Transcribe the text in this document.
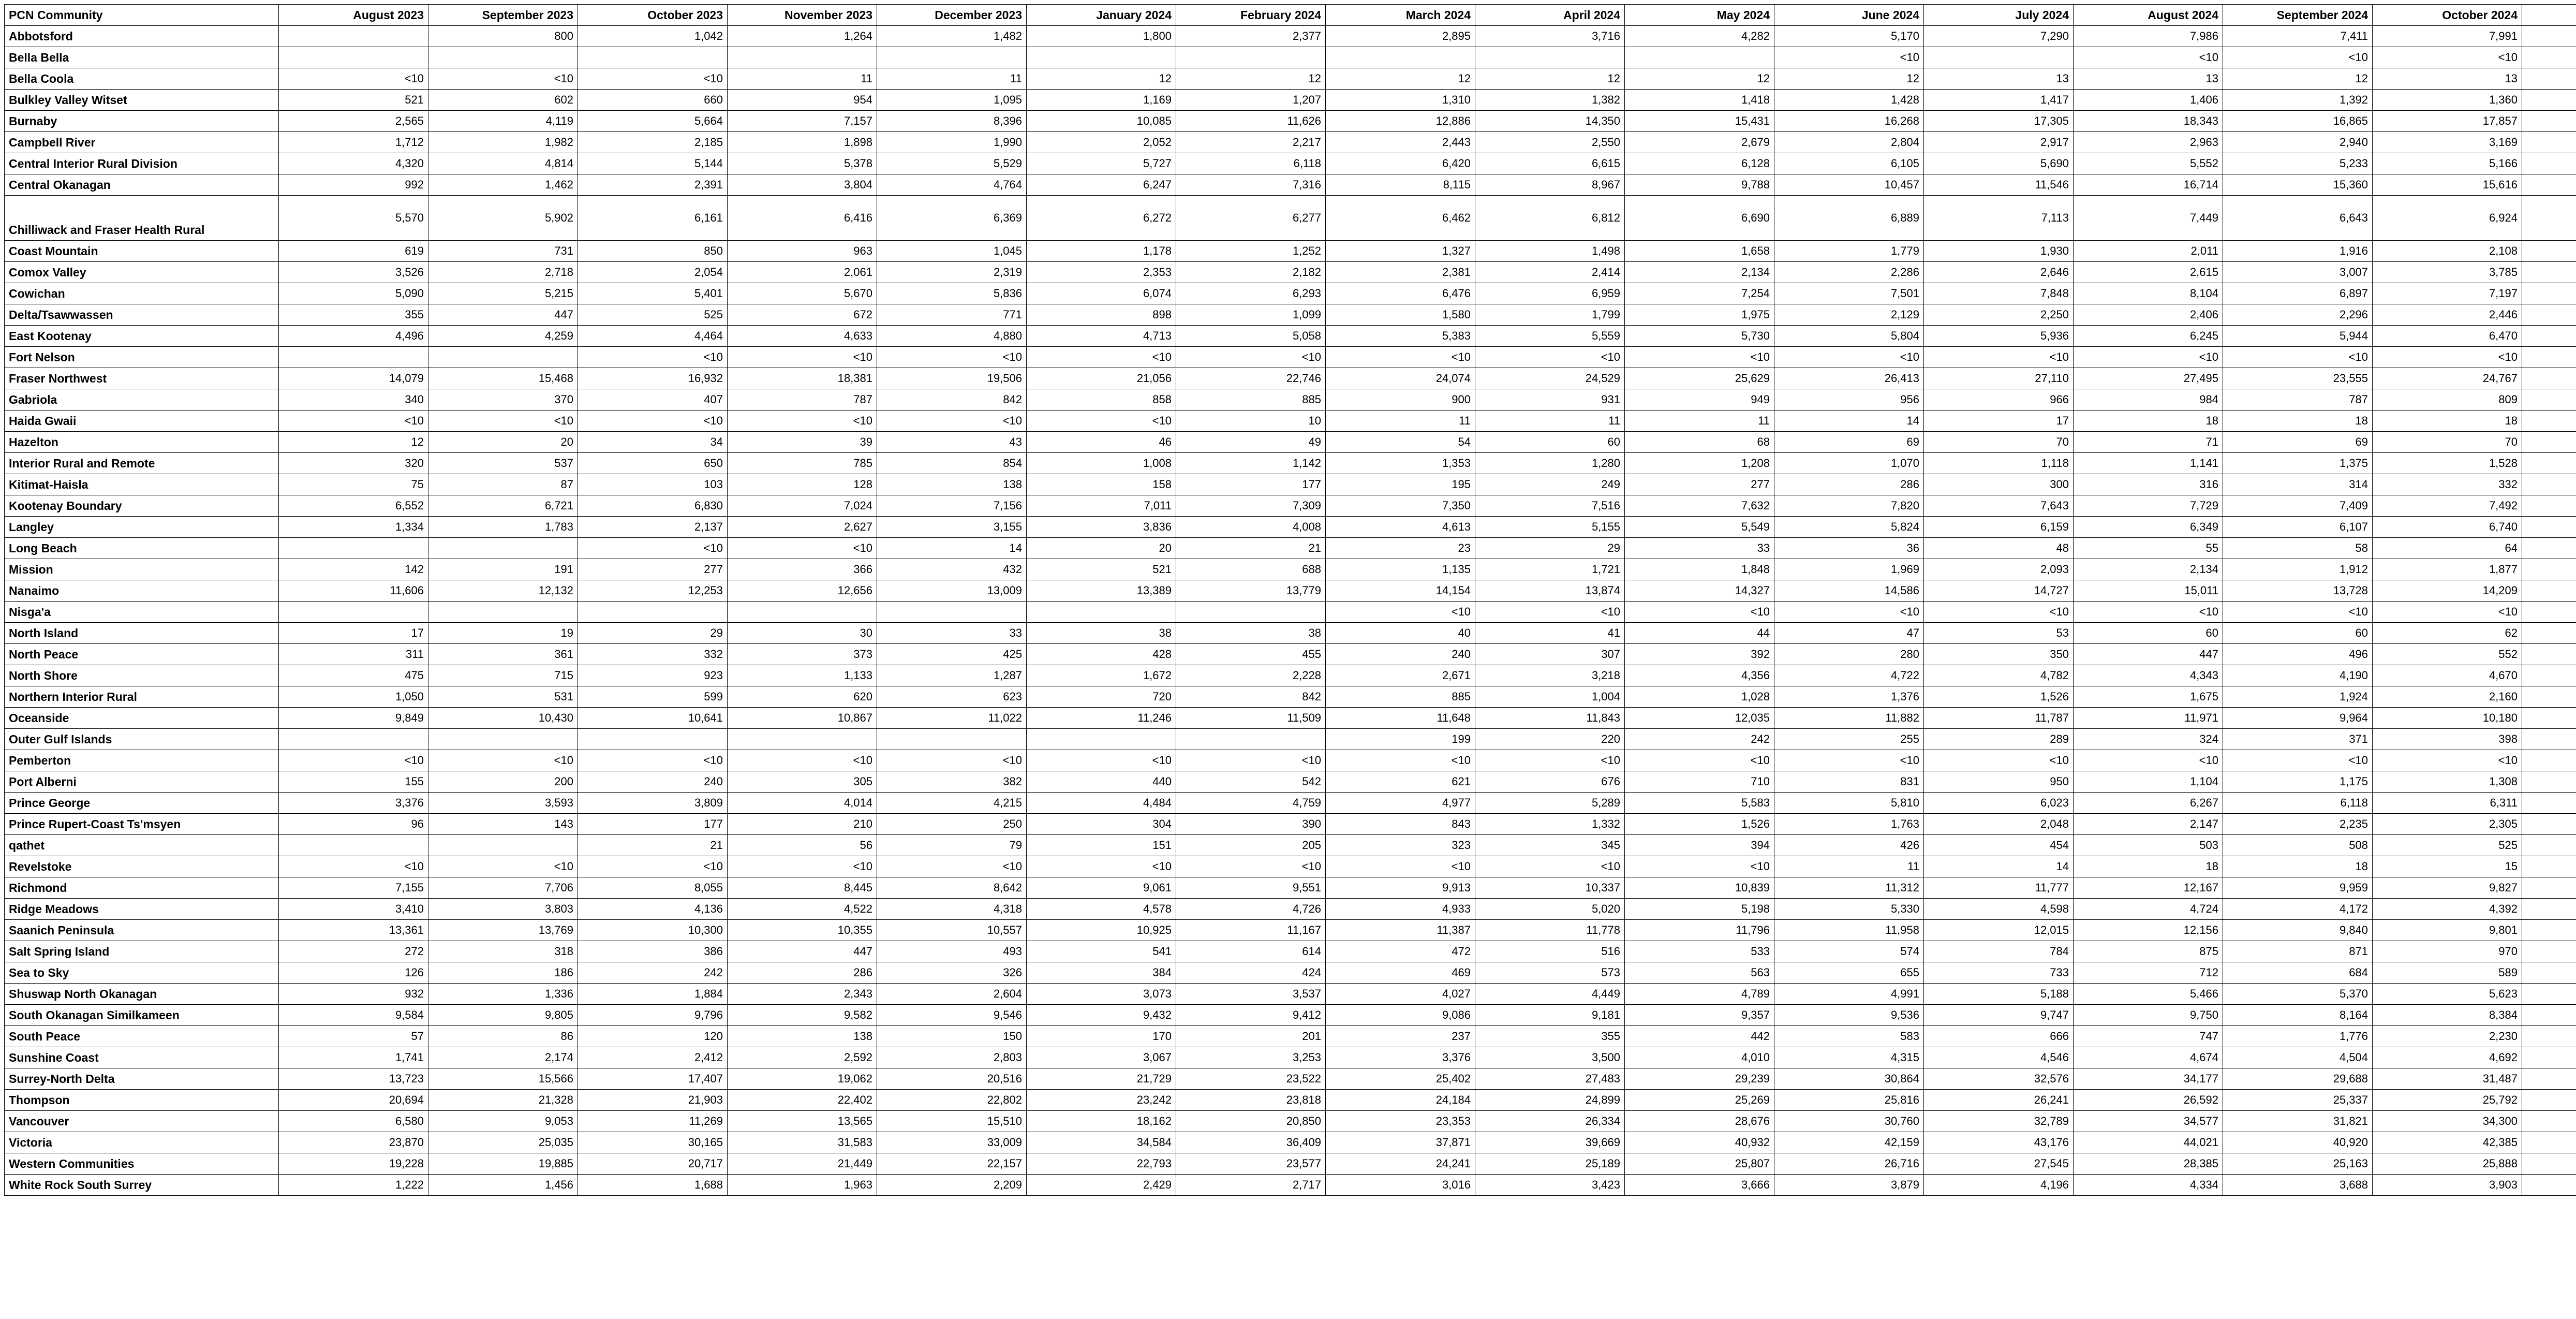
PCN Community	August 2023	September 2023	October 2023	November 2023	December 2023	January 2024	February 2024	March 2024	April 2024	May 2024	June 2024	July 2024	August 2024	September 2024	October 2024	
Abbotsford		800	1,042	1,264	1,482	1,800	2,377	2,895	3,716	4,282	5,170	7,290	7,986	7,411	7,991	
Bella Bella											<10		<10	<10	<10	
Bella Coola	<10	<10	<10	11	11	12	12	12	12	12	12	13	13	12	13	
Bulkley Valley Witset	521	602	660	954	1,095	1,169	1,207	1,310	1,382	1,418	1,428	1,417	1,406	1,392	1,360	
Burnaby	2,565	4,119	5,664	7,157	8,396	10,085	11,626	12,886	14,350	15,431	16,268	17,305	18,343	16,865	17,857	
Campbell River	1,712	1,982	2,185	1,898	1,990	2,052	2,217	2,443	2,550	2,679	2,804	2,917	2,963	2,940	3,169	
Central Interior Rural Division	4,320	4,814	5,144	5,378	5,529	5,727	6,118	6,420	6,615	6,128	6,105	5,690	5,552	5,233	5,166	
Central Okanagan	992	1,462	2,391	3,804	4,764	6,247	7,316	8,115	8,967	9,788	10,457	11,546	16,714	15,360	15,616	
Chilliwack and Fraser Health Rural	5,570	5,902	6,161	6,416	6,369	6,272	6,277	6,462	6,812	6,690	6,889	7,113	7,449	6,643	6,924	
Coast Mountain	619	731	850	963	1,045	1,178	1,252	1,327	1,498	1,658	1,779	1,930	2,011	1,916	2,108	
Comox Valley	3,526	2,718	2,054	2,061	2,319	2,353	2,182	2,381	2,414	2,134	2,286	2,646	2,615	3,007	3,785	
Cowichan	5,090	5,215	5,401	5,670	5,836	6,074	6,293	6,476	6,959	7,254	7,501	7,848	8,104	6,897	7,197	
Delta/Tsawwassen	355	447	525	672	771	898	1,099	1,580	1,799	1,975	2,129	2,250	2,406	2,296	2,446	
East Kootenay	4,496	4,259	4,464	4,633	4,880	4,713	5,058	5,383	5,559	5,730	5,804	5,936	6,245	5,944	6,470	
Fort Nelson			<10	<10	<10	<10	<10	<10	<10	<10	<10	<10	<10	<10	<10	
Fraser Northwest	14,079	15,468	16,932	18,381	19,506	21,056	22,746	24,074	24,529	25,629	26,413	27,110	27,495	23,555	24,767	
Gabriola	340	370	407	787	842	858	885	900	931	949	956	966	984	787	809	
Haida Gwaii	<10	<10	<10	<10	<10	<10	10	11	11	11	14	17	18	18	18	
Hazelton	12	20	34	39	43	46	49	54	60	68	69	70	71	69	70	
Interior Rural and Remote	320	537	650	785	854	1,008	1,142	1,353	1,280	1,208	1,070	1,118	1,141	1,375	1,528	
Kitimat-Haisla	75	87	103	128	138	158	177	195	249	277	286	300	316	314	332	
Kootenay Boundary	6,552	6,721	6,830	7,024	7,156	7,011	7,309	7,350	7,516	7,632	7,820	7,643	7,729	7,409	7,492	
Langley	1,334	1,783	2,137	2,627	3,155	3,836	4,008	4,613	5,155	5,549	5,824	6,159	6,349	6,107	6,740	
Long Beach			<10	<10	14	20	21	23	29	33	36	48	55	58	64	
Mission	142	191	277	366	432	521	688	1,135	1,721	1,848	1,969	2,093	2,134	1,912	1,877	
Nanaimo	11,606	12,132	12,253	12,656	13,009	13,389	13,779	14,154	13,874	14,327	14,586	14,727	15,011	13,728	14,209	
Nisga'a								<10	<10	<10	<10	<10	<10	<10	<10	
North Island	17	19	29	30	33	38	38	40	41	44	47	53	60	60	62	
North Peace	311	361	332	373	425	428	455	240	307	392	280	350	447	496	552	
North Shore	475	715	923	1,133	1,287	1,672	2,228	2,671	3,218	4,356	4,722	4,782	4,343	4,190	4,670	
Northern Interior Rural	1,050	531	599	620	623	720	842	885	1,004	1,028	1,376	1,526	1,675	1,924	2,160	
Oceanside	9,849	10,430	10,641	10,867	11,022	11,246	11,509	11,648	11,843	12,035	11,882	11,787	11,971	9,964	10,180	
Outer Gulf Islands								199	220	242	255	289	324	371	398	
Pemberton	<10	<10	<10	<10	<10	<10	<10	<10	<10	<10	<10	<10	<10	<10	<10	
Port Alberni	155	200	240	305	382	440	542	621	676	710	831	950	1,104	1,175	1,308	
Prince George	3,376	3,593	3,809	4,014	4,215	4,484	4,759	4,977	5,289	5,583	5,810	6,023	6,267	6,118	6,311	
Prince Rupert-Coast Ts'msyen	96	143	177	210	250	304	390	843	1,332	1,526	1,763	2,048	2,147	2,235	2,305	
qathet			21	56	79	151	205	323	345	394	426	454	503	508	525	
Revelstoke	<10	<10	<10	<10	<10	<10	<10	<10	<10	<10	11	14	18	18	15	
Richmond	7,155	7,706	8,055	8,445	8,642	9,061	9,551	9,913	10,337	10,839	11,312	11,777	12,167	9,959	9,827	
Ridge Meadows	3,410	3,803	4,136	4,522	4,318	4,578	4,726	4,933	5,020	5,198	5,330	4,598	4,724	4,172	4,392	
Saanich Peninsula	13,361	13,769	10,300	10,355	10,557	10,925	11,167	11,387	11,778	11,796	11,958	12,015	12,156	9,840	9,801	
Salt Spring Island	272	318	386	447	493	541	614	472	516	533	574	784	875	871	970	
Sea to Sky	126	186	242	286	326	384	424	469	573	563	655	733	712	684	589	
Shuswap North Okanagan	932	1,336	1,884	2,343	2,604	3,073	3,537	4,027	4,449	4,789	4,991	5,188	5,466	5,370	5,623	
South Okanagan Similkameen	9,584	9,805	9,796	9,582	9,546	9,432	9,412	9,086	9,181	9,357	9,536	9,747	9,750	8,164	8,384	
South Peace	57	86	120	138	150	170	201	237	355	442	583	666	747	1,776	2,230	
Sunshine Coast	1,741	2,174	2,412	2,592	2,803	3,067	3,253	3,376	3,500	4,010	4,315	4,546	4,674	4,504	4,692	
Surrey-North Delta	13,723	15,566	17,407	19,062	20,516	21,729	23,522	25,402	27,483	29,239	30,864	32,576	34,177	29,688	31,487	
Thompson	20,694	21,328	21,903	22,402	22,802	23,242	23,818	24,184	24,899	25,269	25,816	26,241	26,592	25,337	25,792	
Vancouver	6,580	9,053	11,269	13,565	15,510	18,162	20,850	23,353	26,334	28,676	30,760	32,789	34,577	31,821	34,300	
Victoria	23,870	25,035	30,165	31,583	33,009	34,584	36,409	37,871	39,669	40,932	42,159	43,176	44,021	40,920	42,385	
Western Communities	19,228	19,885	20,717	21,449	22,157	22,793	23,577	24,241	25,189	25,807	26,716	27,545	28,385	25,163	25,888	
White Rock South Surrey	1,222	1,456	1,688	1,963	2,209	2,429	2,717	3,016	3,423	3,666	3,879	4,196	4,334	3,688	3,903	
